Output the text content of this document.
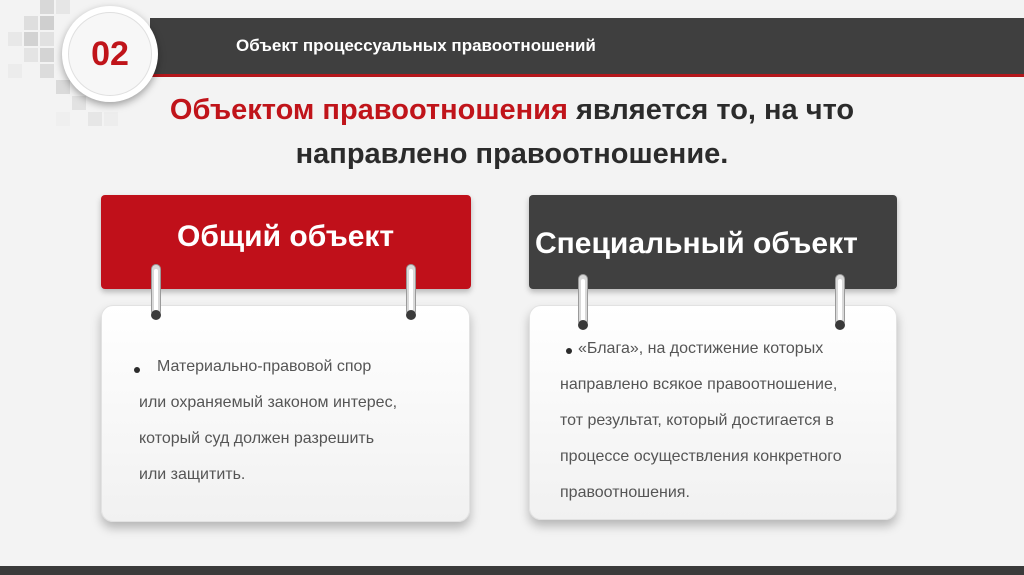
Объект процессуальных правоотношений
02
Объектом правоотношения является то, на что
направлено правоотношение.
Общий объект	Специальный объект
Материально-правовой спор
или охраняемый законом интерес,
который суд должен разрешить
или защитить.
«Блага», на достижение которых
направлено всякое правоотношение,
тот результат, который достигается в
процессе осуществления конкретного
правоотношения.
